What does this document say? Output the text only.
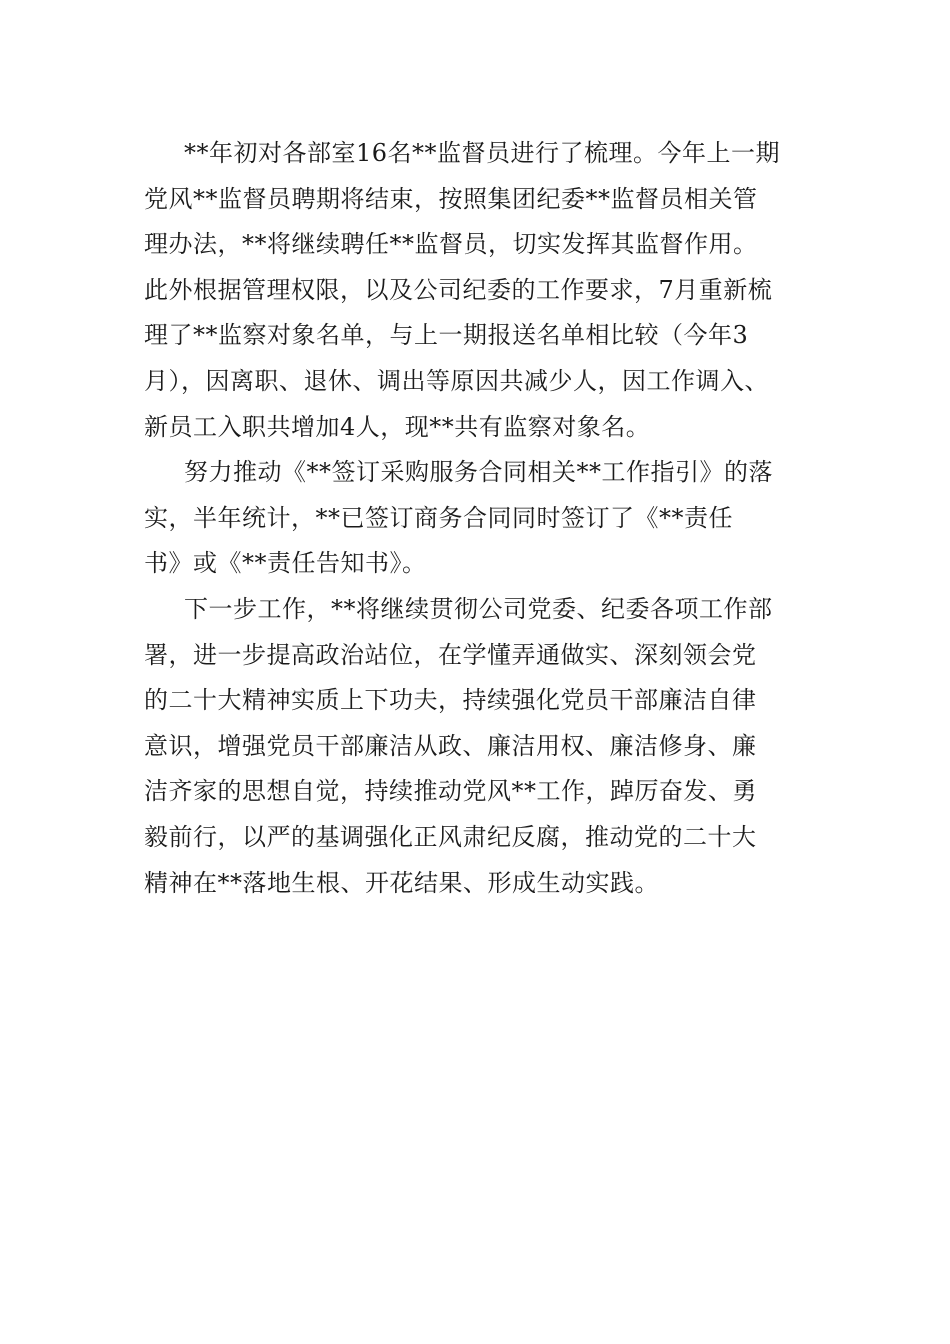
**年初对各部室16名**监督员进行了梳理。今年上一期
党风**监督员聘期将结束，按照集团纪委**监督员相关管
理办法，**将继续聘任**监督员，切实发挥其监督作用。
此外根据管理权限，以及公司纪委的工作要求，7月重新梳
理了**监察对象名单，与上一期报送名单相比较（今年3
月），因离职、退休、调出等原因共减少人，因工作调入、
新员工入职共增加4人，现**共有监察对象名。

努力推动《**签订采购服务合同相关**工作指引》的落
实，半年统计，**已签订商务合同同时签订了《**责任
书》或《**责任告知书》。

下一步工作，**将继续贯彻公司党委、纪委各项工作部
署，进一步提高政治站位，在学懂弄通做实、深刻领会党
的二十大精神实质上下功夫，持续强化党员干部廉洁自律
意识，增强党员干部廉洁从政、廉洁用权、廉洁修身、廉
洁齐家的思想自觉，持续推动党风**工作，踔厉奋发、勇
毅前行，以严的基调强化正风肃纪反腐，推动党的二十大
精神在**落地生根、开花结果、形成生动实践。
